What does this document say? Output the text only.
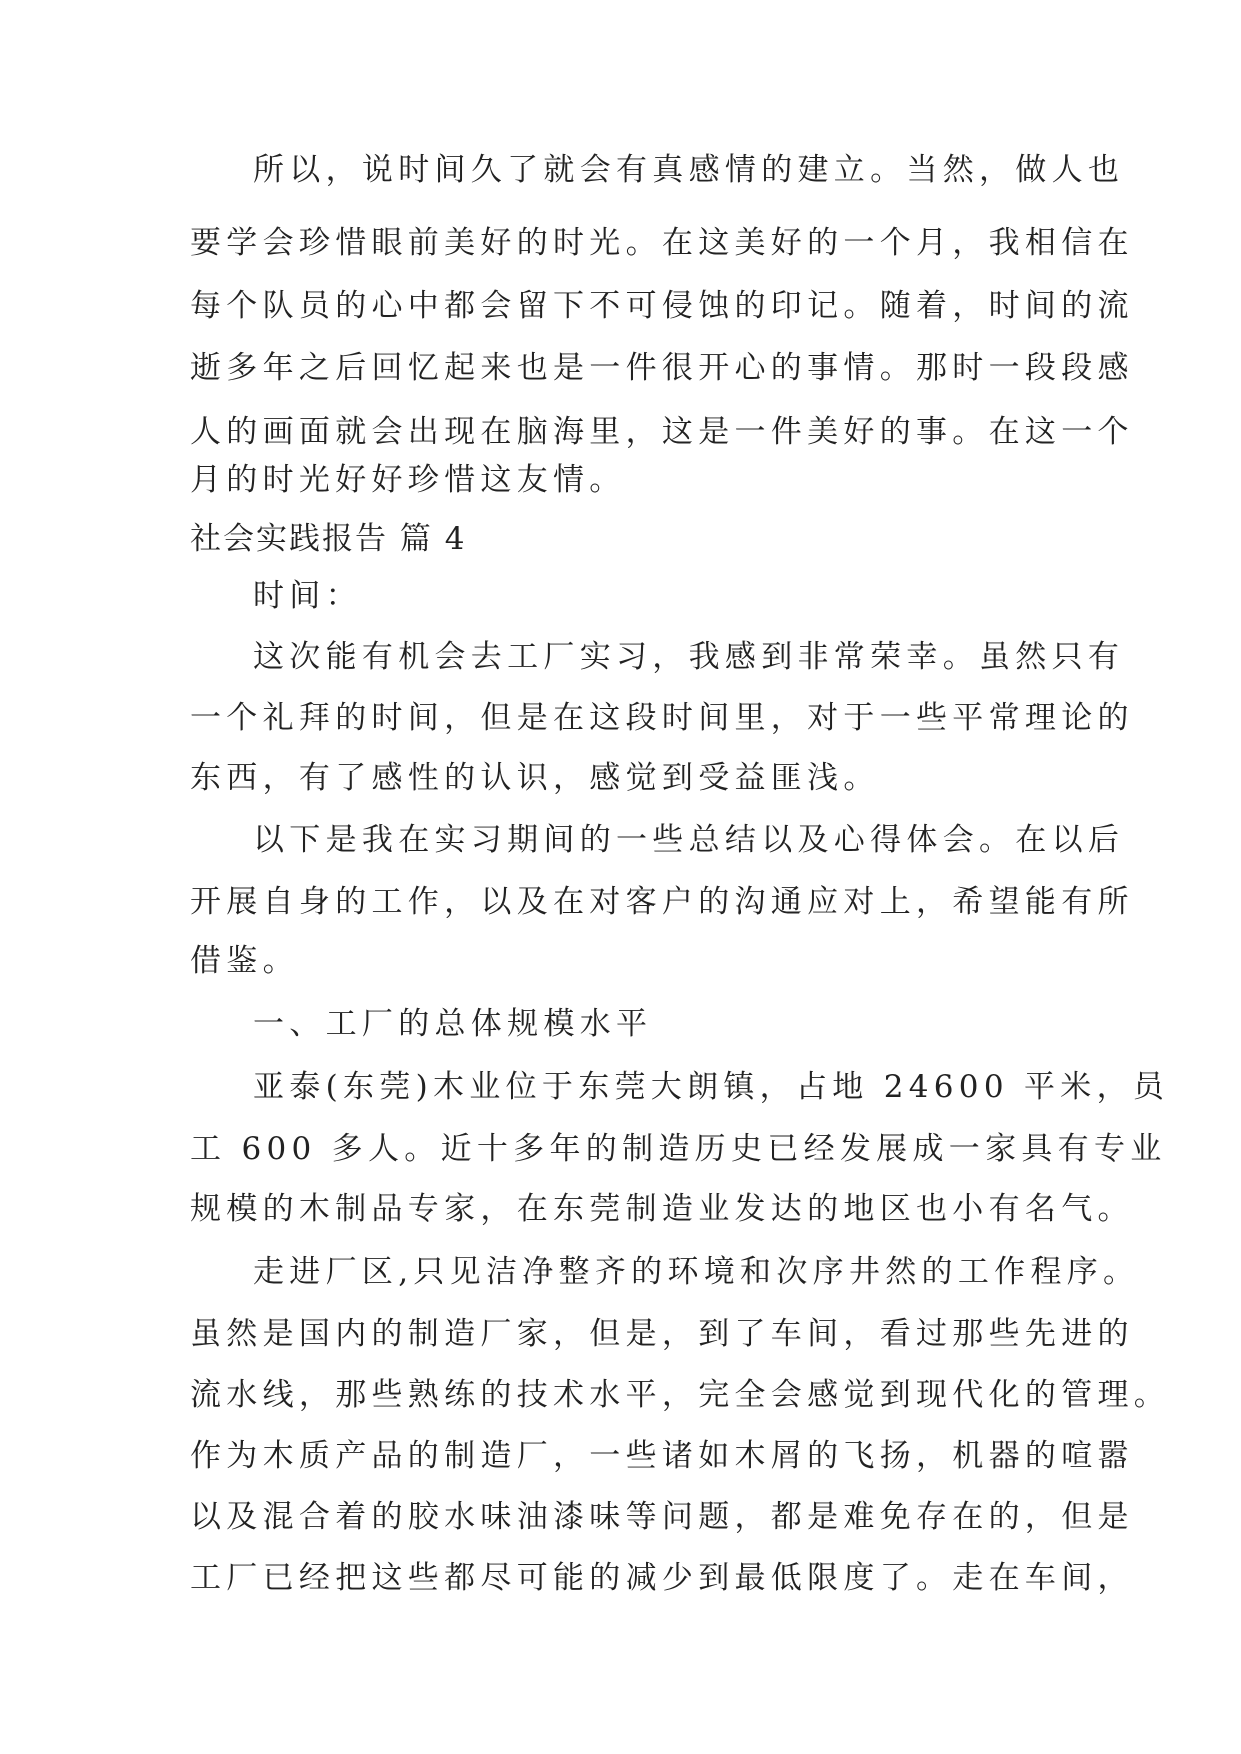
所以，说时间久了就会有真感情的建立。当然，做人也
要学会珍惜眼前美好的时光。在这美好的一个月，我相信在
每个队员的心中都会留下不可侵蚀的印记。随着，时间的流
逝多年之后回忆起来也是一件很开心的事情。那时一段段感
人的画面就会出现在脑海里，这是一件美好的事。在这一个
月的时光好好珍惜这友情。
社会实践报告 篇 4
时间：
这次能有机会去工厂实习，我感到非常荣幸。虽然只有
一个礼拜的时间，但是在这段时间里，对于一些平常理论的
东西，有了感性的认识，感觉到受益匪浅。
以下是我在实习期间的一些总结以及心得体会。在以后
开展自身的工作，以及在对客户的沟通应对上，希望能有所
借鉴。
一、工厂的总体规模水平
亚泰(东莞)木业位于东莞大朗镇，占地 24600 平米，员
工 600 多人。近十多年的制造历史已经发展成一家具有专业
规模的木制品专家，在东莞制造业发达的地区也小有名气。
走进厂区,只见洁净整齐的环境和次序井然的工作程序。
虽然是国内的制造厂家，但是，到了车间，看过那些先进的
流水线，那些熟练的技术水平，完全会感觉到现代化的管理。
作为木质产品的制造厂，一些诸如木屑的飞扬，机器的喧嚣
以及混合着的胶水味油漆味等问题，都是难免存在的，但是
工厂已经把这些都尽可能的减少到最低限度了。走在车间，
